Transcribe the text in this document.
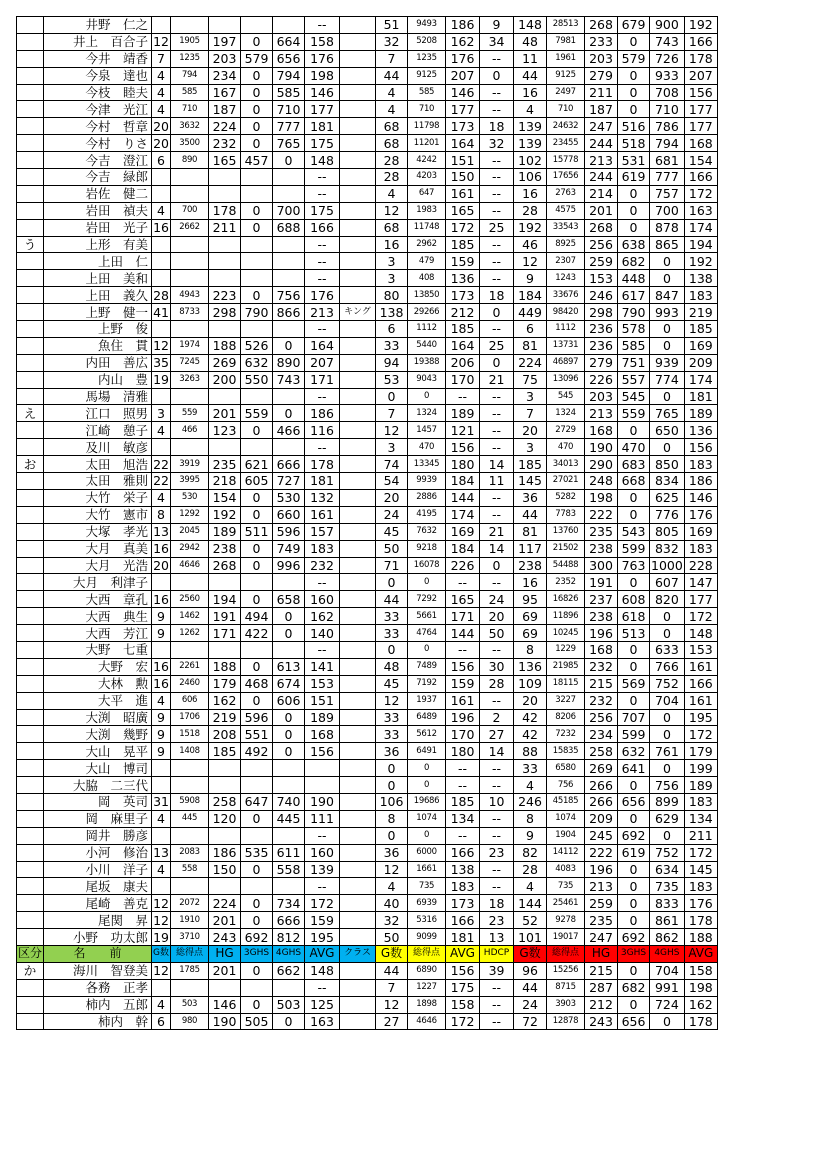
	井野　仁之						--		51	9493	186	9	148	28513	268	679	900	192
	井上　百合子	12	1905	197	0	664	158		32	5208	162	34	48	7981	233	0	743	166
	今井　靖香	7	1235	203	579	656	176		7	1235	176	--	11	1961	203	579	726	178
	今泉　達也	4	794	234	0	794	198		44	9125	207	0	44	9125	279	0	933	207
	今枝　睦夫	4	585	167	0	585	146		4	585	146	--	16	2497	211	0	708	156
	今津　光江	4	710	187	0	710	177		4	710	177	--	4	710	187	0	710	177
	今村　哲章	20	3632	224	0	777	181		68	11798	173	18	139	24632	247	516	786	177
	今村　りさ	20	3500	232	0	765	175		68	11201	164	32	139	23455	244	518	794	168
	今吉　澄江	6	890	165	457	0	148		28	4242	151	--	102	15778	213	531	681	154
	今吉　緑郎						--		28	4203	150	--	106	17656	244	619	777	166
	岩佐　健二						--		4	647	161	--	16	2763	214	0	757	172
	岩田　禎夫	4	700	178	0	700	175		12	1983	165	--	28	4575	201	0	700	163
	岩田　光子	16	2662	211	0	688	166		68	11748	172	25	192	33543	268	0	878	174
う	上形　有美						--		16	2962	185	--	46	8925	256	638	865	194
	上田　仁						--		3	479	159	--	12	2307	259	682	0	192
	上田　美和						--		3	408	136	--	9	1243	153	448	0	138
	上田　義久	28	4943	223	0	756	176		80	13850	173	18	184	33676	246	617	847	183
	上野　健一	41	8733	298	790	866	213	キング	138	29266	212	0	449	98420	298	790	993	219
	上野　俊						--		6	1112	185	--	6	1112	236	578	0	185
	魚住　貫	12	1974	188	526	0	164		33	5440	164	25	81	13731	236	585	0	169
	内田　善広	35	7245	269	632	890	207		94	19388	206	0	224	46897	279	751	939	209
	内山　豊	19	3263	200	550	743	171		53	9043	170	21	75	13096	226	557	774	174
	馬場　清雅						--		0	0	--	--	3	545	203	545	0	181
え	江口　照男	3	559	201	559	0	186		7	1324	189	--	7	1324	213	559	765	189
	江崎　憩子	4	466	123	0	466	116		12	1457	121	--	20	2729	168	0	650	136
	及川　敏彦						--		3	470	156	--	3	470	190	470	0	156
お	太田　旭浩	22	3919	235	621	666	178		74	13345	180	14	185	34013	290	683	850	183
	太田　雅則	22	3995	218	605	727	181		54	9939	184	11	145	27021	248	668	834	186
	大竹　栄子	4	530	154	0	530	132		20	2886	144	--	36	5282	198	0	625	146
	大竹　憲市	8	1292	192	0	660	161		24	4195	174	--	44	7783	222	0	776	176
	大塚　孝光	13	2045	189	511	596	157		45	7632	169	21	81	13760	235	543	805	169
	大月　真美	16	2942	238	0	749	183		50	9218	184	14	117	21502	238	599	832	183
	大月　光浩	20	4646	268	0	996	232		71	16078	226	0	238	54488	300	763	1000	228
	大月　利津子						--		0	0	--	--	16	2352	191	0	607	147
	大西　章孔	16	2560	194	0	658	160		44	7292	165	24	95	16826	237	608	820	177
	大西　典生	9	1462	191	494	0	162		33	5661	171	20	69	11896	238	618	0	172
	大西　芳江	9	1262	171	422	0	140		33	4764	144	50	69	10245	196	513	0	148
	大野　七重						--		0	0	--	--	8	1229	168	0	633	153
	大野　宏	16	2261	188	0	613	141		48	7489	156	30	136	21985	232	0	766	161
	大林　勲	16	2460	179	468	674	153		45	7192	159	28	109	18115	215	569	752	166
	大平　進	4	606	162	0	606	151		12	1937	161	--	20	3227	232	0	704	161
	大渕　昭廣	9	1706	219	596	0	189		33	6489	196	2	42	8206	256	707	0	195
	大渕　幾野	9	1518	208	551	0	168		33	5612	170	27	42	7232	234	599	0	172
	大山　晃平	9	1408	185	492	0	156		36	6491	180	14	88	15835	258	632	761	179
	大山　博司								0	0	--	--	33	6580	269	641	0	199
	大脇　二三代								0	0	--	--	4	756	266	0	756	189
	岡　英司	31	5908	258	647	740	190		106	19686	185	10	246	45185	266	656	899	183
	岡　麻里子	4	445	120	0	445	111		8	1074	134	--	8	1074	209	0	629	134
	岡井　勝彦						--		0	0	--	--	9	1904	245	692	0	211
	小河　修治	13	2083	186	535	611	160		36	6000	166	23	82	14112	222	619	752	172
	小川　洋子	4	558	150	0	558	139		12	1661	138	--	28	4083	196	0	634	145
	尾坂　康夫						--		4	735	183	--	4	735	213	0	735	183
	尾崎　善克	12	2072	224	0	734	172		40	6939	173	18	144	25461	259	0	833	176
	尾関　昇	12	1910	201	0	666	159		32	5316	166	23	52	9278	235	0	861	178
	小野　功太郎	19	3710	243	692	812	195		50	9099	181	13	101	19017	247	692	862	188
区分	名　　前	G数	総得点	HG	3GHS	4GHS	AVG	クラス	G数	総得点	AVG	HDCP	G数	総得点	HG	3GHS	4GHS	AVG
か	海川　智登美	12	1785	201	0	662	148		44	6890	156	39	96	15256	215	0	704	158
	各務　正孝						--		7	1227	175	--	44	8715	287	682	991	198
	柿内　五郎	4	503	146	0	503	125		12	1898	158	--	24	3903	212	0	724	162
	柿内　幹	6	980	190	505	0	163		27	4646	172	--	72	12878	243	656	0	178
